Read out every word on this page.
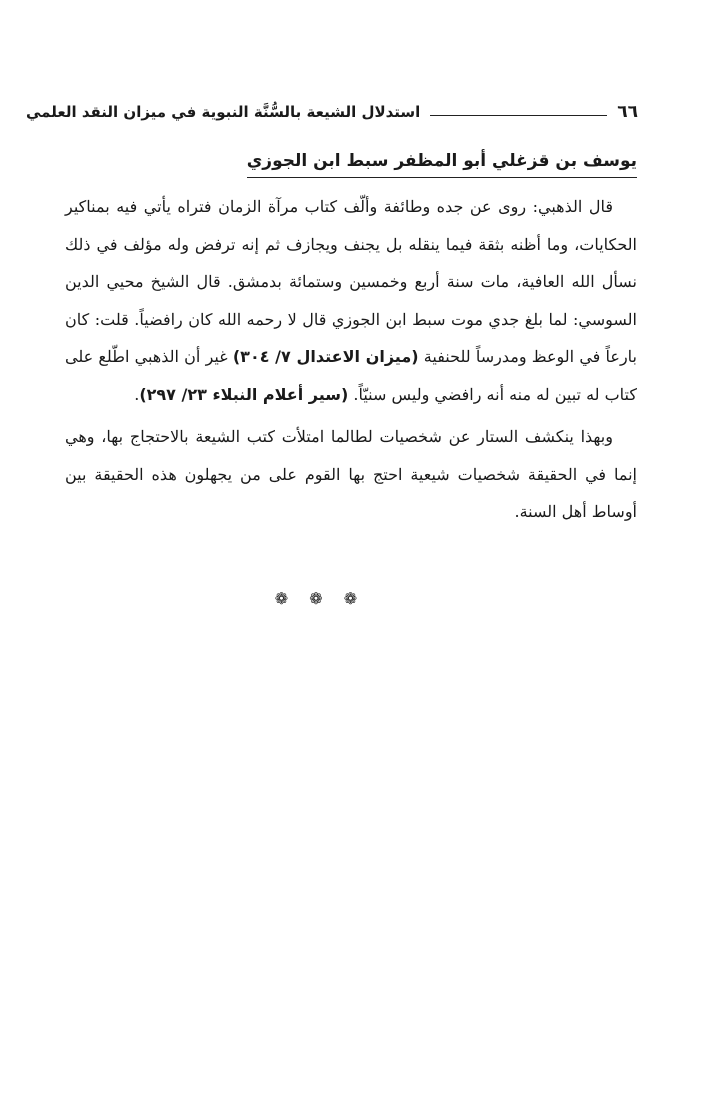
استدلال الشيعة بالسُّنَّة النبوية في ميزان النقد العلمي	٦٦
يوسف بن قزغلي أبو المظفر سبط ابن الجوزي

قال الذهبي: روى عن جده وطائفة وألّف كتاب مرآة الزمان فتراه يأتي فيه بمناكير الحكايات، وما أظنه بثقة فيما ينقله بل يجنف ويجازف ثم إنه ترفض وله مؤلف في ذلك نسأل الله العافية، مات سنة أربع وخمسين وستمائة بدمشق. قال الشيخ محيي الدين السوسي: لما بلغ جدي موت سبط ابن الجوزي قال لا رحمه الله كان رافضياً. قلت: كان بارعاً في الوعظ ومدرساً للحنفية (ميزان الاعتدال ٧/ ٣٠٤) غير أن الذهبي اطّلع على كتاب له تبين له منه أنه رافضي وليس سنيّاً. (سير أعلام النبلاء ٢٣/ ٢٩٧).

وبهذا ينكشف الستار عن شخصيات لطالما امتلأت كتب الشيعة بالاحتجاج بها، وهي إنما في الحقيقة شخصيات شيعية احتج بها القوم على من يجهلون هذه الحقيقة بين أوساط أهل السنة.

❁ ❁ ❁
